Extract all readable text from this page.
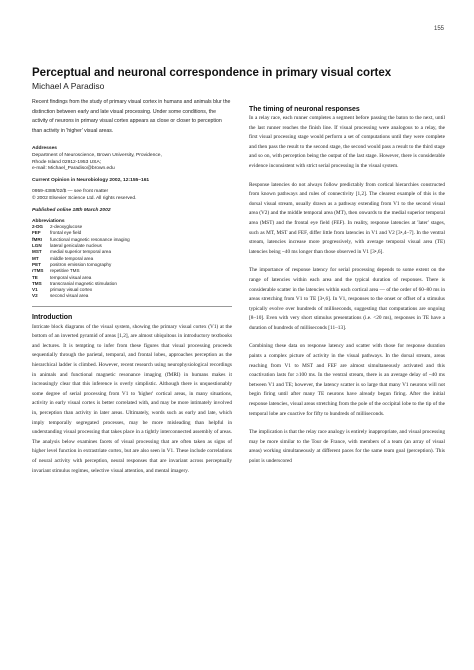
155
Perceptual and neuronal correspondence in primary visual cortex
Michael A Paradiso

Recent findings from the study of primary visual cortex in humans and animals blur the distinction between early and late visual processing. Under some conditions, the activity of neurons in primary visual cortex appears as close or closer to perception than activity in 'higher' visual areas.

Addresses
Department of Neuroscience, Brown University, Providence,
Rhode Island 02912-1953 USA;
e-mail: Michael_Paradiso@brown.edu
Current Opinion in Neurobiology 2002, 12:155–161
0959-4388/02/$ — see front matter
© 2002 Elsevier Science Ltd. All rights reserved.
Published online 18th March 2002
Abbreviations
2-DG	2-deoxyglucose
FEF	frontal eye field
fMRI	functional magnetic resonance imaging
LGN	lateral geniculate nucleus
MST	medial superior temporal area
MT	middle temporal area
PET	positron emission tomography
rTMS	repetitive TMS
TE	temporal visual area
TMS	transcranial magnetic stimulation
V1	primary visual cortex
V2	second visual area
Introduction

Intricate block diagrams of the visual system, showing the primary visual cortex (V1) at the bottom of an inverted pyramid of areas [1,2], are almost ubiquitous in introductory textbooks and lectures. It is tempting to infer from these figures that visual processing proceeds sequentially through the parietal, temporal, and frontal lobes, approaches perception as the hierarchical ladder is climbed. However, recent research using neurophysiological recordings in animals and functional magnetic resonance imaging (fMRI) in humans makes it increasingly clear that this inference is overly simplistic. Although there is unquestionably some degree of serial processing from V1 to 'higher' cortical areas, in many situations, activity in early visual cortex is better correlated with, and may be more intimately involved in, perception than activity in later areas. Ultimately, words such as early and late, which imply temporally segregated processes, may be more misleading than helpful in understanding visual processing that takes place in a tightly interconnected assembly of areas. The analysis below examines facets of visual processing that are often taken as signs of higher level function in extrastriate cortex, but are also seen in V1. These include correlations of neural activity with perception, neural responses that are invariant across perceptually invariant stimulus regimes, selective visual attention, and mental imagery.

The timing of neuronal responses

In a relay race, each runner completes a segment before passing the baton to the next, until the last runner reaches the finish line. If visual processing were analogous to a relay, the first visual processing stage would perform a set of computations until they were complete and then pass the result to the second stage, the second would pass a result to the third stage and so on, with perception being the output of the last stage. However, there is considerable evidence inconsistent with strict serial processing in the visual system.

Response latencies do not always follow predictably from cortical hierarchies constructed from known pathways and rules of connectivity [1,2]. The clearest example of this is the dorsal visual stream, usually drawn as a pathway extending from V1 to the second visual area (V2) and the middle temporal area (MT), then onwards to the medial superior temporal area (MST) and the frontal eye field (FEF). In reality, response latencies at 'later' stages, such as MT, MST and FEF, differ little from latencies in V1 and V2 [3•,4–7]. In the ventral stream, latencies increase more progressively, with average temporal visual area (TE) latencies being ~40 ms longer than those observed in V1 [3•,6].

The importance of response latency for serial processing depends to some extent on the range of latencies within each area and the typical duration of responses. There is considerable scatter in the latencies within each cortical area — of the order of 60–80 ms in areas stretching from V1 to TE [3•,6]. In V1, responses to the onset or offset of a stimulus typically evolve over hundreds of milliseconds, suggesting that computations are ongoing [8–10]. Even with very short stimulus presentations (i.e. <20 ms), responses in TE have a duration of hundreds of milliseconds [11–13].

Combining these data on response latency and scatter with those for response duration paints a complex picture of activity in the visual pathways. In the dorsal stream, areas reaching from V1 to MST and FEF are almost simultaneously activated and this coactivation lasts for ≥100 ms. In the ventral stream, there is an average delay of ~40 ms between V1 and TE; however, the latency scatter is so large that many V1 neurons will not begin firing until after many TE neurons have already begun firing. After the initial response latencies, visual areas stretching from the pole of the occipital lobe to the tip of the temporal lobe are coactive for fifty to hundreds of milliseconds.

The implication is that the relay race analogy is entirely inappropriate, and visual processing may be more similar to the Tour de France, with members of a team (an array of visual areas) working simultaneously at different paces for the same team goal (perception). This point is underscored
